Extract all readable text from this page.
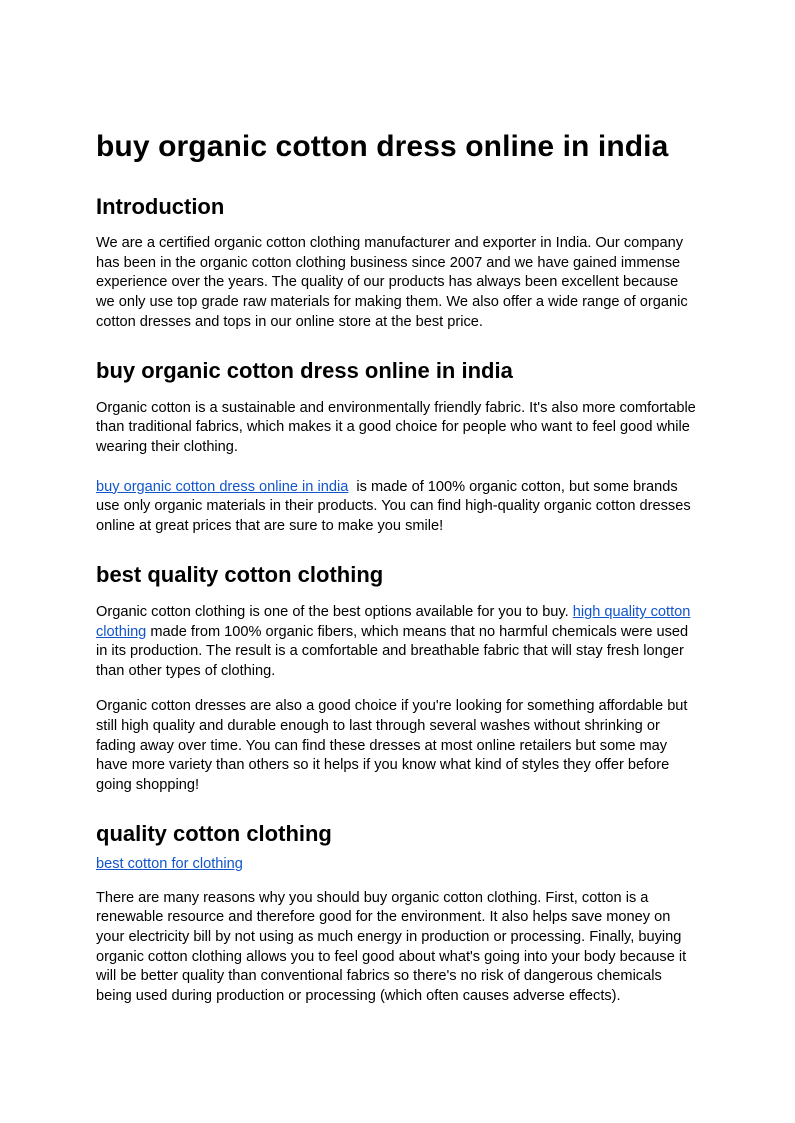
buy organic cotton dress online in india
Introduction

We are a certified organic cotton clothing manufacturer and exporter in India. Our company has been in the organic cotton clothing business since 2007 and we have gained immense experience over the years. The quality of our products has always been excellent because we only use top grade raw materials for making them. We also offer a wide range of organic cotton dresses and tops in our online store at the best price.

buy organic cotton dress online in india

Organic cotton is a sustainable and environmentally friendly fabric. It's also more comfortable than traditional fabrics, which makes it a good choice for people who want to feel good while wearing their clothing.

buy organic cotton dress online in india  is made of 100% organic cotton, but some brands use only organic materials in their products. You can find high-quality organic cotton dresses online at great prices that are sure to make you smile!

best quality cotton clothing

Organic cotton clothing is one of the best options available for you to buy. high quality cotton clothing made from 100% organic fibers, which means that no harmful chemicals were used in its production. The result is a comfortable and breathable fabric that will stay fresh longer than other types of clothing.

Organic cotton dresses are also a good choice if you're looking for something affordable but still high quality and durable enough to last through several washes without shrinking or fading away over time. You can find these dresses at most online retailers but some may have more variety than others so it helps if you know what kind of styles they offer before going shopping!

quality cotton clothing

best cotton for clothing

There are many reasons why you should buy organic cotton clothing. First, cotton is a renewable resource and therefore good for the environment. It also helps save money on your electricity bill by not using as much energy in production or processing. Finally, buying organic cotton clothing allows you to feel good about what's going into your body because it will be better quality than conventional fabrics so there's no risk of dangerous chemicals being used during production or processing (which often causes adverse effects).
